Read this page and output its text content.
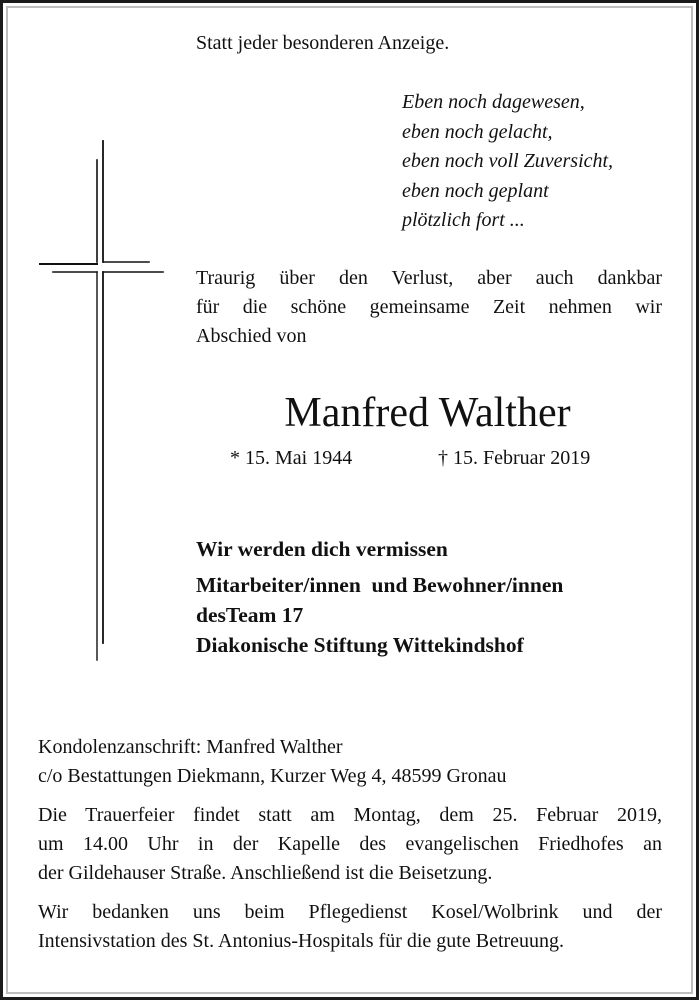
Statt jeder besonderen Anzeige.
Eben noch dagewesen,
eben noch gelacht,
eben noch voll Zuversicht,
eben noch geplant
plötzlich fort ...
Traurig über den Verlust, aber auch dankbar
für die schöne gemeinsame Zeit nehmen wir
Abschied von
Manfred Walther
* 15. Mai 1944	† 15. Februar 2019
Wir werden dich vermissen
Mitarbeiter/innen  und Bewohner/innen
desTeam 17
Diakonische Stiftung Wittekindshof

Kondolenzanschrift: Manfred Walther
c/o Bestattungen Diekmann, Kurzer Weg 4, 48599 Gronau

Die Trauerfeier findet statt am Montag, dem 25. Februar 2019,
um 14.00 Uhr in der Kapelle des evangelischen Friedhofes an
der Gildehauser Straße. Anschließend ist die Beisetzung.

Wir bedanken uns beim Pflegedienst Kosel/Wolbrink und der
Intensivstation des St. Antonius-Hospitals für die gute Betreuung.
